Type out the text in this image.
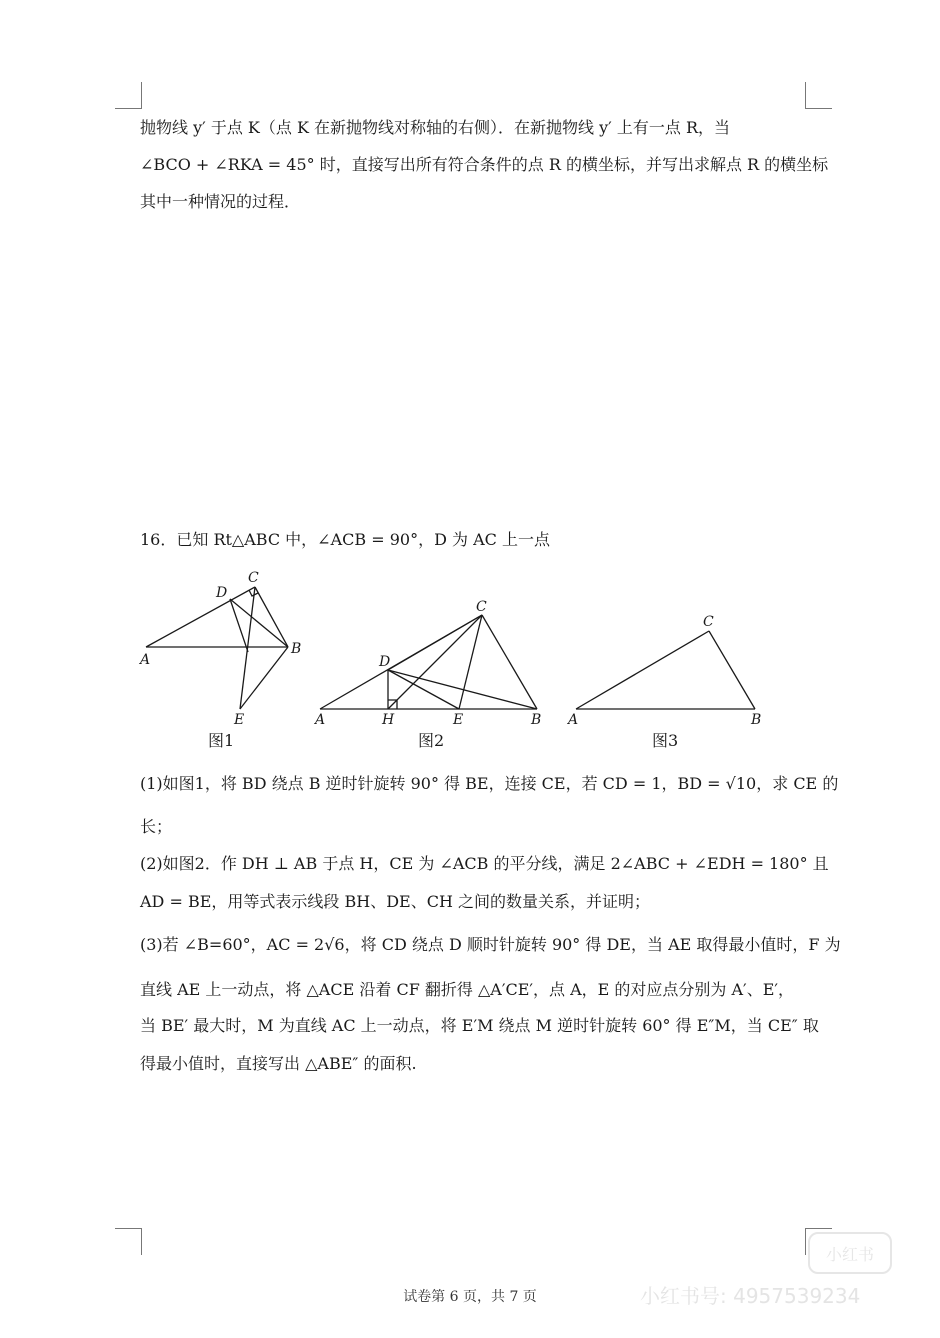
抛物线 y′ 于点 K（点 K 在新抛物线对称轴的右侧）．在新抛物线 y′ 上有一点 R，当
∠BCO + ∠RKA = 45° 时，直接写出所有符合条件的点 R 的横坐标，并写出求解点 R 的横坐标
其中一种情况的过程．
16．已知 Rt△ABC 中，∠ACB = 90°，D 为 AC 上一点
A
B
C
D
E
图1
A	B
C
D
E
H
图2
A	B
C
图3
(1)如图1，将 BD 绕点 B 逆时针旋转 90° 得 BE，连接 CE，若 CD = 1，BD = √10，求 CE 的
长；
(2)如图2．作 DH ⊥ AB 于点 H，CE 为 ∠ACB 的平分线，满足 2∠ABC + ∠EDH = 180° 且
AD = BE，用等式表示线段 BH、DE、CH 之间的数量关系，并证明；
(3)若 ∠B=60°，AC = 2√6，将 CD 绕点 D 顺时针旋转 90° 得 DE，当 AE 取得最小值时，F 为
直线 AE 上一动点，将 △ACE 沿着 CF 翻折得 △A′CE′，点 A，E 的对应点分别为 A′、E′，
当 BE′ 最大时，M 为直线 AC 上一动点，将 E′M 绕点 M 逆时针旋转 60° 得 E″M，当 CE″ 取
得最小值时，直接写出 △ABE″ 的面积.
试卷第 6 页，共 7 页
小红书
小红书号: 4957539234
